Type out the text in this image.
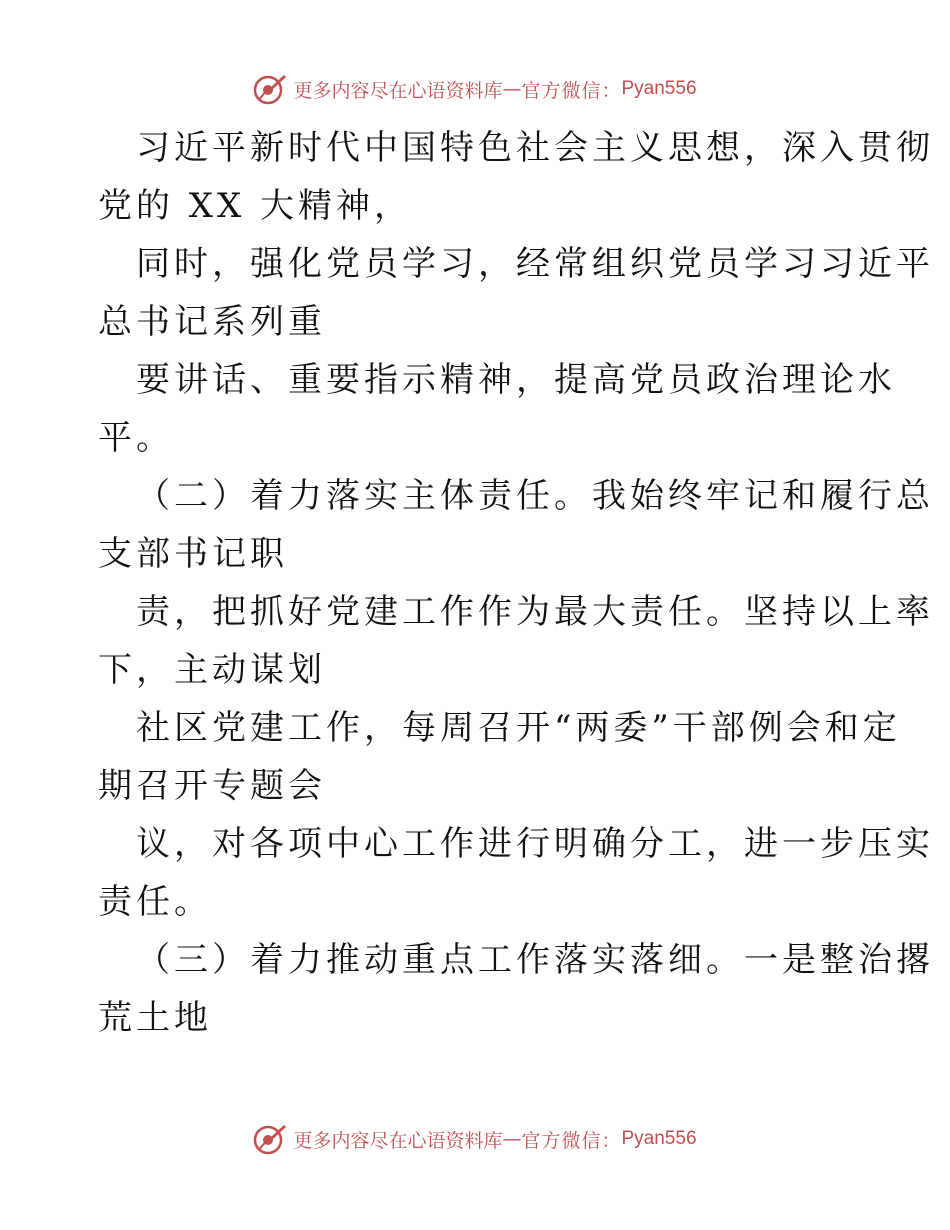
更多内容尽在心语资料库 — 官方微信： Pyan556
习近平新时代中国特色社会主义思想，深入贯彻
党的 XX 大精神，
同时，强化党员学习，经常组织党员学习习近平
总书记系列重
要讲话、重要指示精神，提高党员政治理论水
平。
（二）着力落实主体责任。我始终牢记和履行总
支部书记职
责，把抓好党建工作作为最大责任。坚持以上率
下，主动谋划
社区党建工作，每周召开“两委”干部例会和定
期召开专题会
议，对各项中心工作进行明确分工，进一步压实
责任。
（三）着力推动重点工作落实落细。一是整治撂
荒土地
更多内容尽在心语资料库 — 官方微信： Pyan556
